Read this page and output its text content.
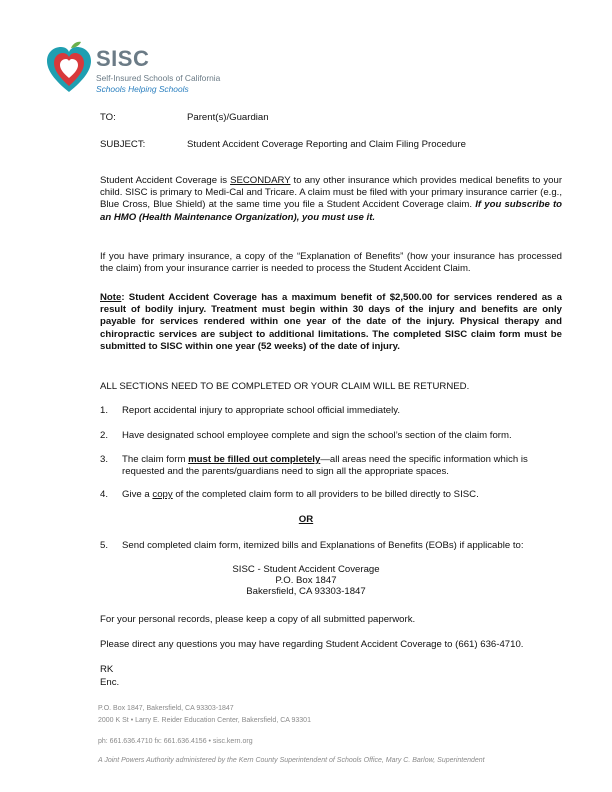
SISC
Self-Insured Schools of California
Schools Helping Schools
TO:	Parent(s)/Guardian
SUBJECT:	Student Accident Coverage Reporting and Claim Filing Procedure
Student Accident Coverage is SECONDARY to any other insurance which provides medical benefits to your child. SISC is primary to Medi-Cal and Tricare. A claim must be filed with your primary insurance carrier (e.g., Blue Cross, Blue Shield) at the same time you file a Student Accident Coverage claim. If you subscribe to an HMO (Health Maintenance Organization), you must use it.
If you have primary insurance, a copy of the “Explanation of Benefits” (how your insurance has processed the claim) from your insurance carrier is needed to process the Student Accident Claim.
Note: Student Accident Coverage has a maximum benefit of $2,500.00 for services rendered as a result of bodily injury. Treatment must begin within 30 days of the injury and benefits are only payable for services rendered within one year of the date of the injury. Physical therapy and chiropractic services are subject to additional limitations. The completed SISC claim form must be submitted to SISC within one year (52 weeks) of the date of injury.
ALL SECTIONS NEED TO BE COMPLETED OR YOUR CLAIM WILL BE RETURNED.
1. Report accidental injury to appropriate school official immediately.
2. Have designated school employee complete and sign the school’s section of the claim form.
3. The claim form must be filled out completely—all areas need the specific information which is requested and the parents/guardians need to sign all the appropriate spaces.
4. Give a copy of the completed claim form to all providers to be billed directly to SISC.
OR
5. Send completed claim form, itemized bills and Explanations of Benefits (EOBs) if applicable to:
SISC - Student Accident Coverage
P.O. Box 1847
Bakersfield, CA 93303-1847
For your personal records, please keep a copy of all submitted paperwork.
Please direct any questions you may have regarding Student Accident Coverage to (661) 636-4710.
RK
Enc.
P.O. Box 1847, Bakersfield, CA 93303-1847
2000 K St • Larry E. Reider Education Center, Bakersfield, CA 93301
ph: 661.636.4710 fx: 661.636.4156 • sisc.kern.org
A Joint Powers Authority administered by the Kern County Superintendent of Schools Office, Mary C. Barlow, Superintendent
